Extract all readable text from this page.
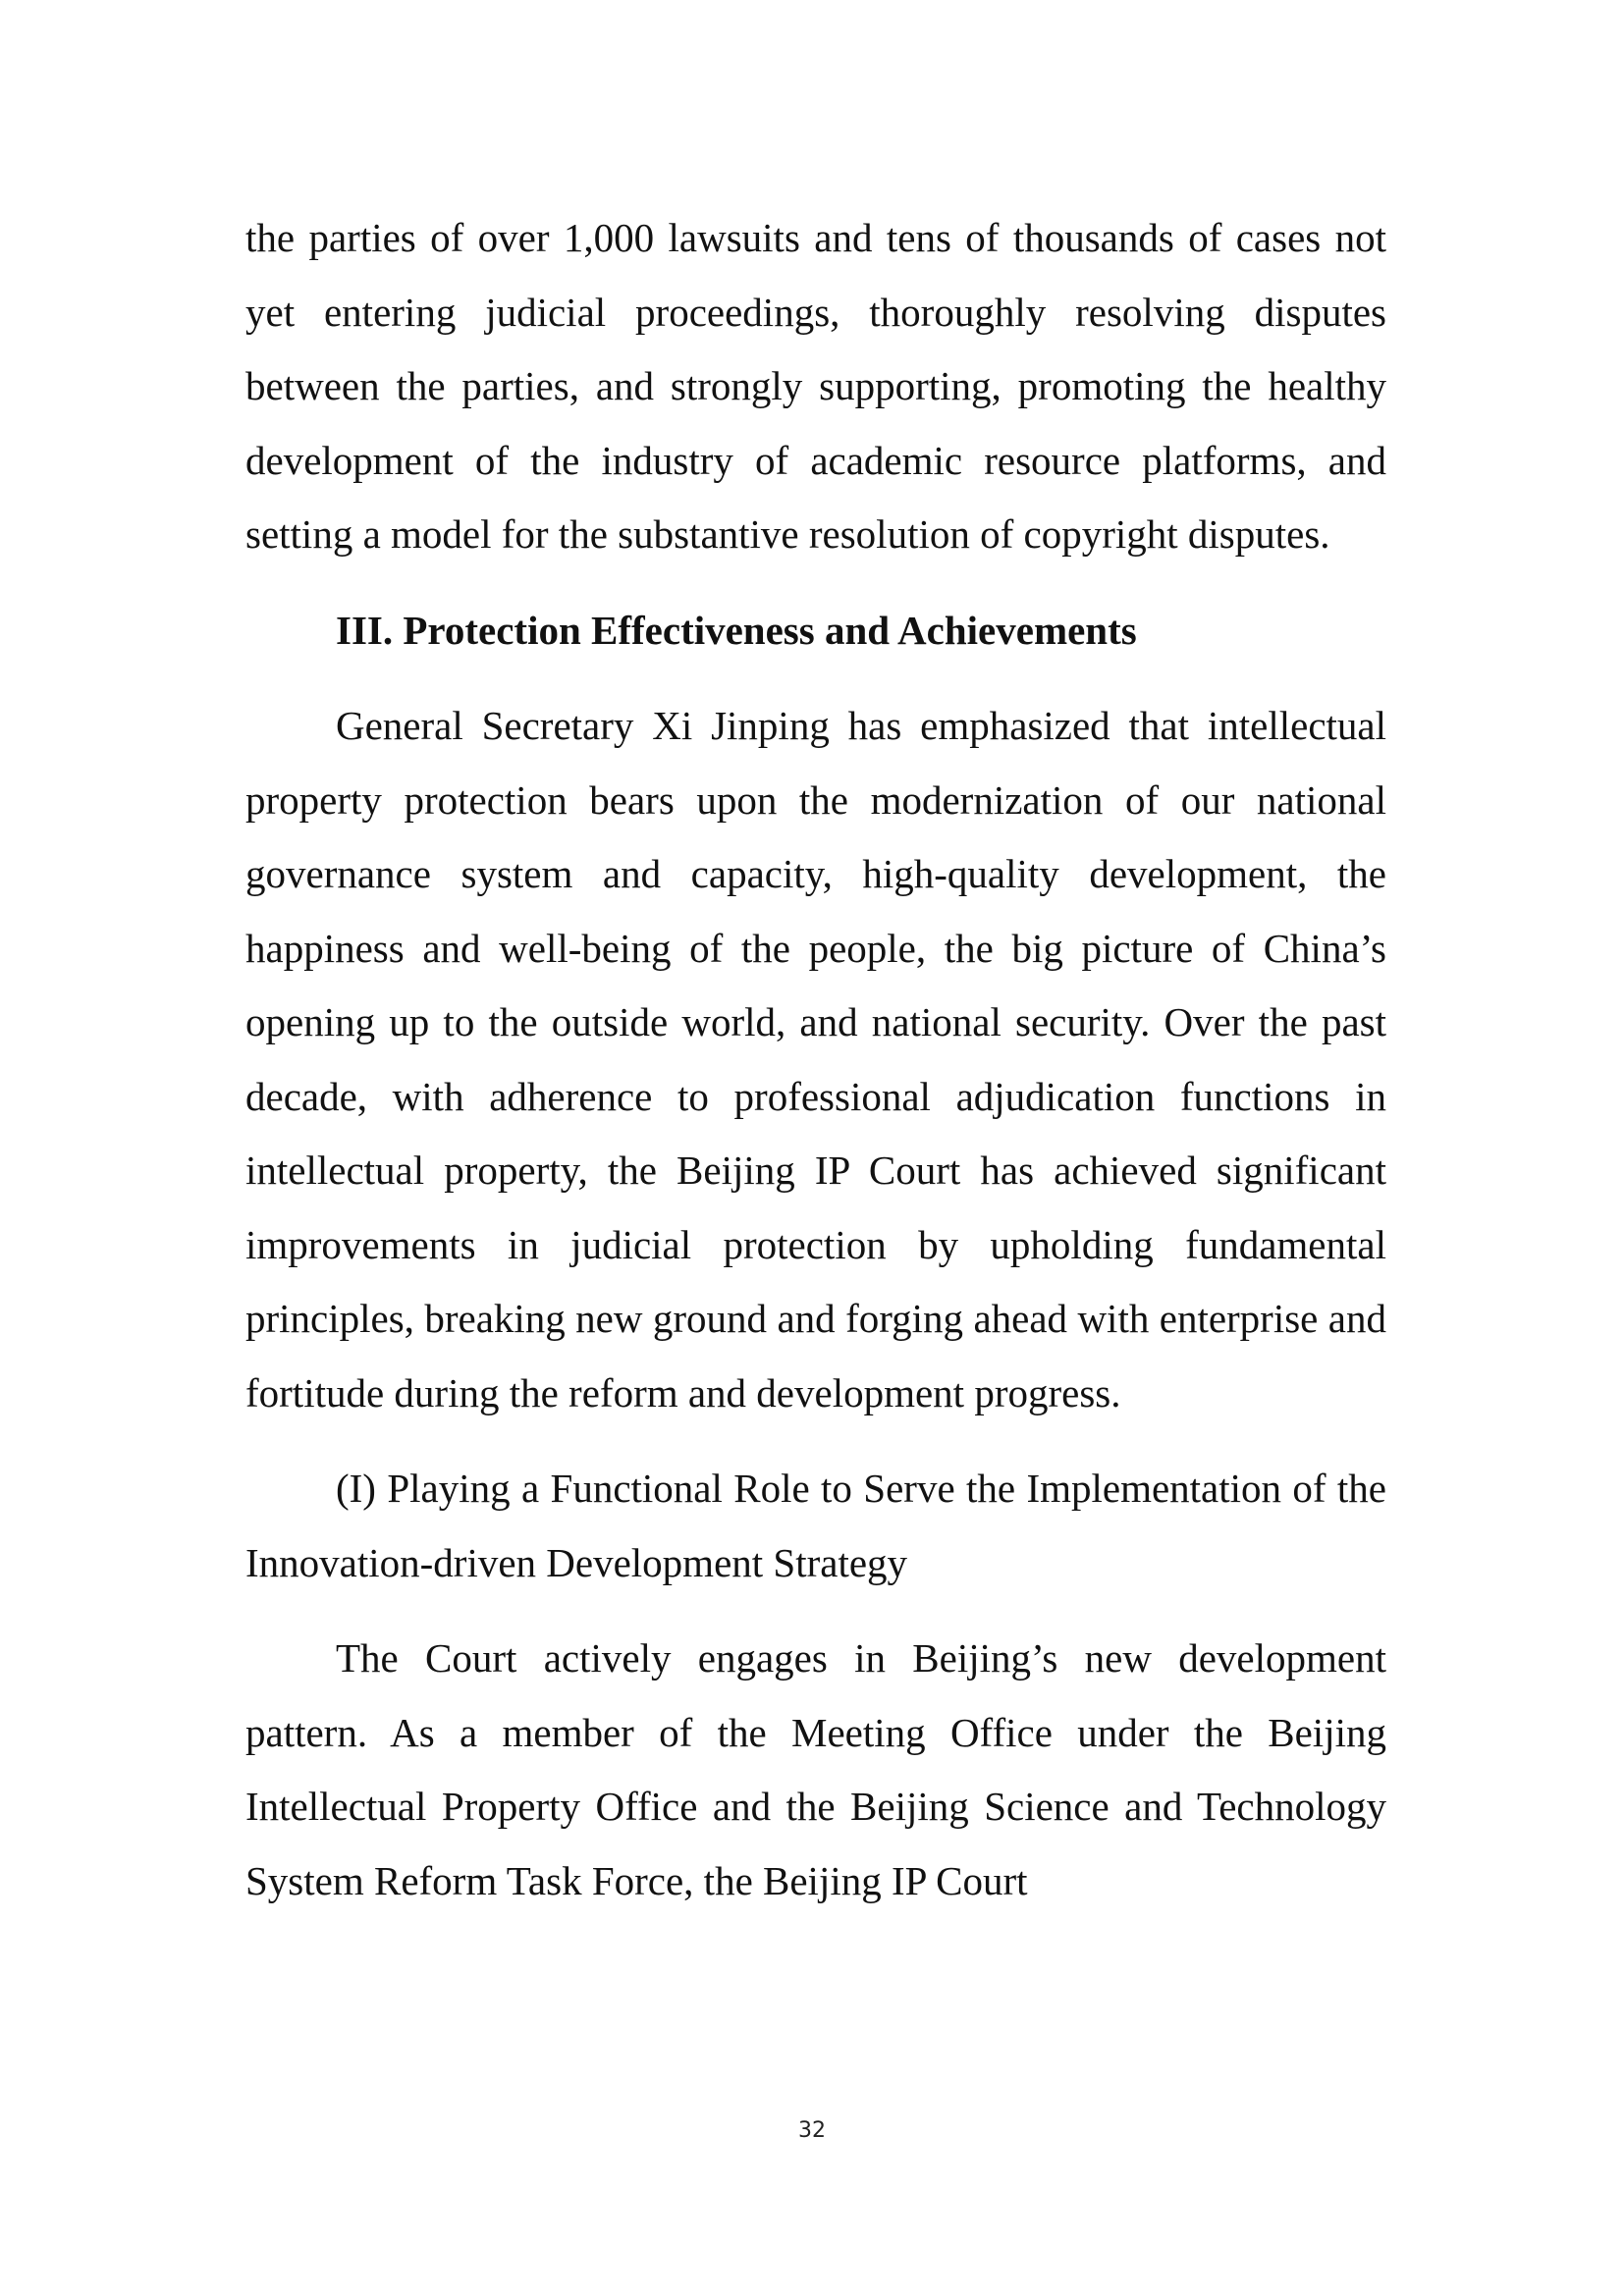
the parties of over 1,000 lawsuits and tens of thousands of cases not yet entering judicial proceedings, thoroughly resolving disputes between the parties, and strongly supporting, promoting the healthy development of the industry of academic resource platforms, and setting a model for the substantive resolution of copyright disputes.

III. Protection Effectiveness and Achievements

General Secretary Xi Jinping has emphasized that intellectual property protection bears upon the modernization of our national governance system and capacity, high-quality development, the happiness and well-being of the people, the big picture of China’s opening up to the outside world, and national security. Over the past decade, with adherence to professional adjudication functions in intellectual property, the Beijing IP Court has achieved significant improvements in judicial protection by upholding fundamental principles, breaking new ground and forging ahead with enterprise and fortitude during the reform and development progress.

(I) Playing a Functional Role to Serve the Implementation of the Innovation-driven Development Strategy

The Court actively engages in Beijing’s new development pattern. As a member of the Meeting Office under the Beijing Intellectual Property Office and the Beijing Science and Technology System Reform Task Force, the Beijing IP Court

32
